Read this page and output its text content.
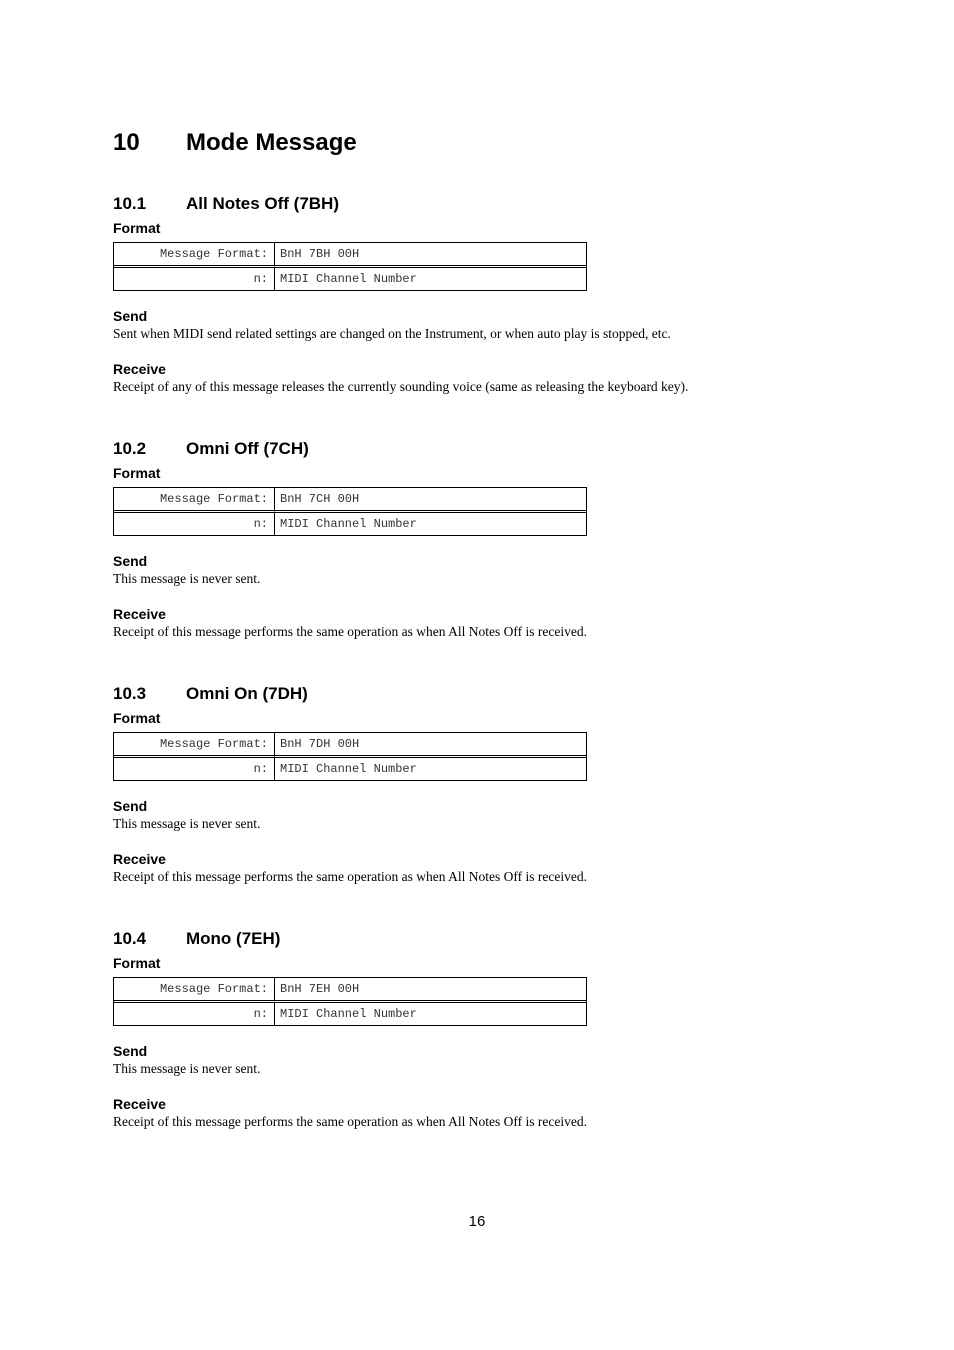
10 Mode Message
10.1 All Notes Off (7BH)
Format
Message Format:	BnH 7BH 00H
n:	MIDI Channel Number
Send

Sent when MIDI send related settings are changed on the Instrument, or when auto play is stopped, etc.

Receive

Receipt of any of this message releases the currently sounding voice (same as releasing the keyboard key).

10.2 Omni Off (7CH)
Format
Message Format:	BnH 7CH 00H
n:	MIDI Channel Number
Send

This message is never sent.

Receive

Receipt of this message performs the same operation as when All Notes Off is received.

10.3 Omni On (7DH)
Format
Message Format:	BnH 7DH 00H
n:	MIDI Channel Number
Send

This message is never sent.

Receive

Receipt of this message performs the same operation as when All Notes Off is received.

10.4 Mono (7EH)
Format
Message Format:	BnH 7EH 00H
n:	MIDI Channel Number
Send

This message is never sent.

Receive

Receipt of this message performs the same operation as when All Notes Off is received.

16
